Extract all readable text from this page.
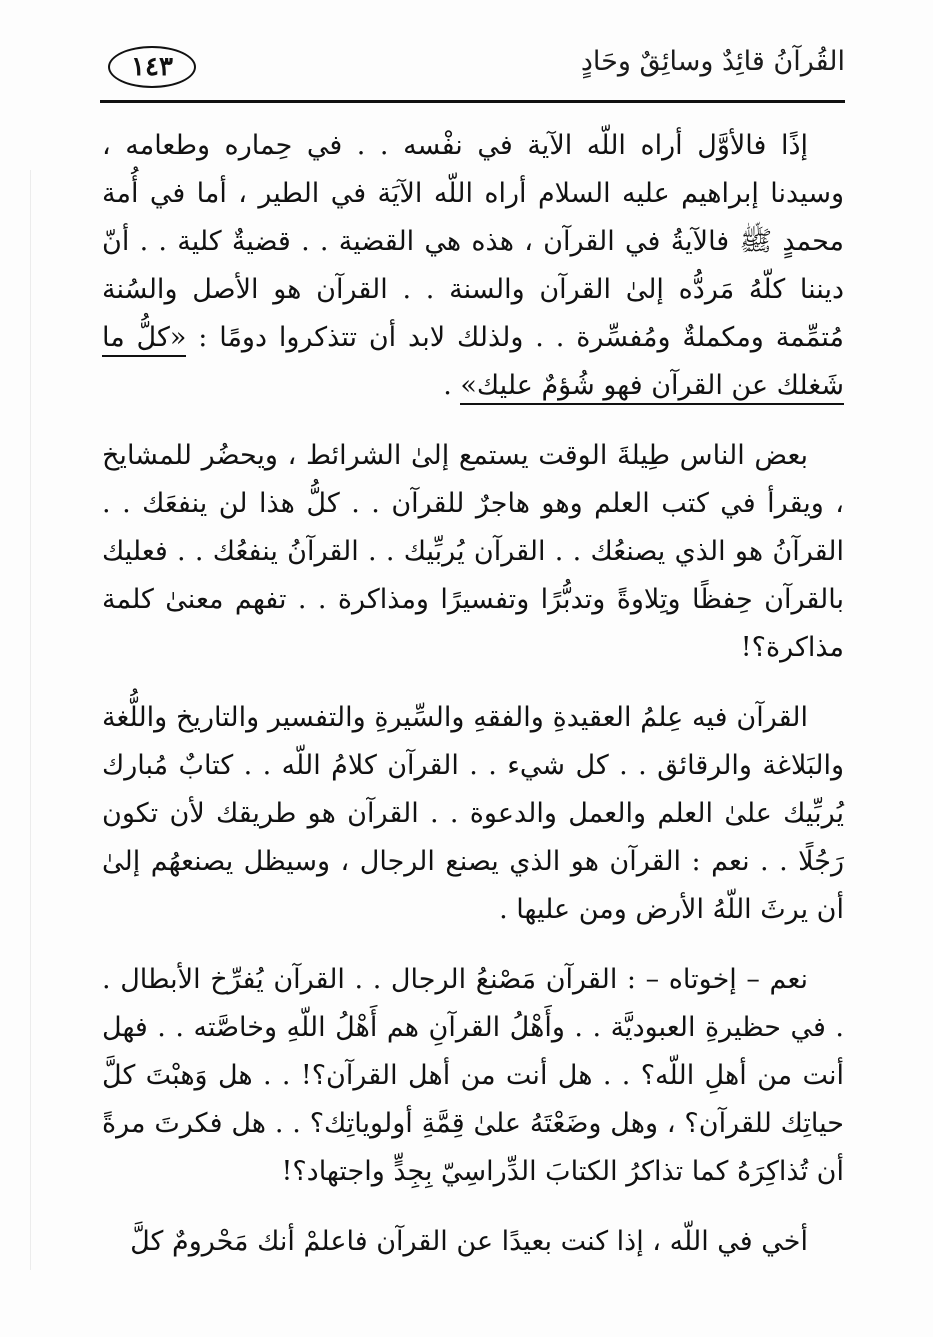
القُرآنُ قائِدٌ وسائِقٌ وحَادٍ
١٤٣

إذًا فالأوَّل أراه اللّه الآية في نفْسه . . في حِماره وطعامه ، وسيدنا إبراهيم عليه السلام أراه اللّه الآيَة في الطير ، أما في أُمة محمدٍ ﷺ فالآيةُ في القرآن ، هذه هي القضية . . قضيةٌ كلية . . أنّ ديننا كلّهُ مَردُّه إلىٰ القرآن والسنة . . القرآن هو الأصل والسُنة مُتمِّمة ومكملةٌ ومُفسِّرة . . ولذلك لابد أن تتذكروا دومًا : «كلُّ ما شَغلك عن القرآن فهو شُؤمٌ عليك» .

بعض الناس طِيلةَ الوقت يستمع إلىٰ الشرائط ، ويحضُر للمشايخ ، ويقرأ في كتب العلم وهو هاجرٌ للقرآن . . كلُّ هذا لن ينفعَك . . القرآنُ هو الذي يصنعُك . . القرآن يُربِّيك . . القرآنُ ينفعُك . . فعليك بالقرآن حِفظًا وتِلاوةً وتدبُّرًا وتفسيرًا ومذاكرة . . تفهم معنىٰ كلمة مذاكرة؟!

القرآن فيه عِلمُ العقيدةِ والفقهِ والسِّيرةِ والتفسير والتاريخ واللُّغة والبَلاغة والرقائق . . كل شيء . . القرآن كلامُ اللّه . . كتابٌ مُبارك يُربِّيك علىٰ العلم والعمل والدعوة . . القرآن هو طريقك لأن تكون رَجُلًا . . نعم : القرآن هو الذي يصنع الرجال ، وسيظل يصنعهُم إلىٰ أن يرثَ اللّهُ الأرض ومن عليها .

نعم – إخوتاه – : القرآن مَصْنعُ الرجال . . القرآن يُفرِّخ الأبطال . . في حظيرةِ العبوديَّة . . وأَهْلُ القرآنِ هم أَهْلُ اللّهِ وخاصَّته . . فهل أنت من أهلِ اللّه؟ . . هل أنت من أهل القرآن؟! . . هل وَهبْتَ كلَّ حياتِك للقرآن؟ ، وهل وضَعْتَهُ علىٰ قِمَّةِ أولوياتِك؟ . . هل فكرتَ مرةً أن تُذاكِرَهُ كما تذاكرُ الكتابَ الدِّراسِيّ بِجِدٍّ واجتهاد؟!

أخي في اللّه ، إذا كنت بعيدًا عن القرآن فاعلمْ أنك مَحْرومٌ كلَّ
